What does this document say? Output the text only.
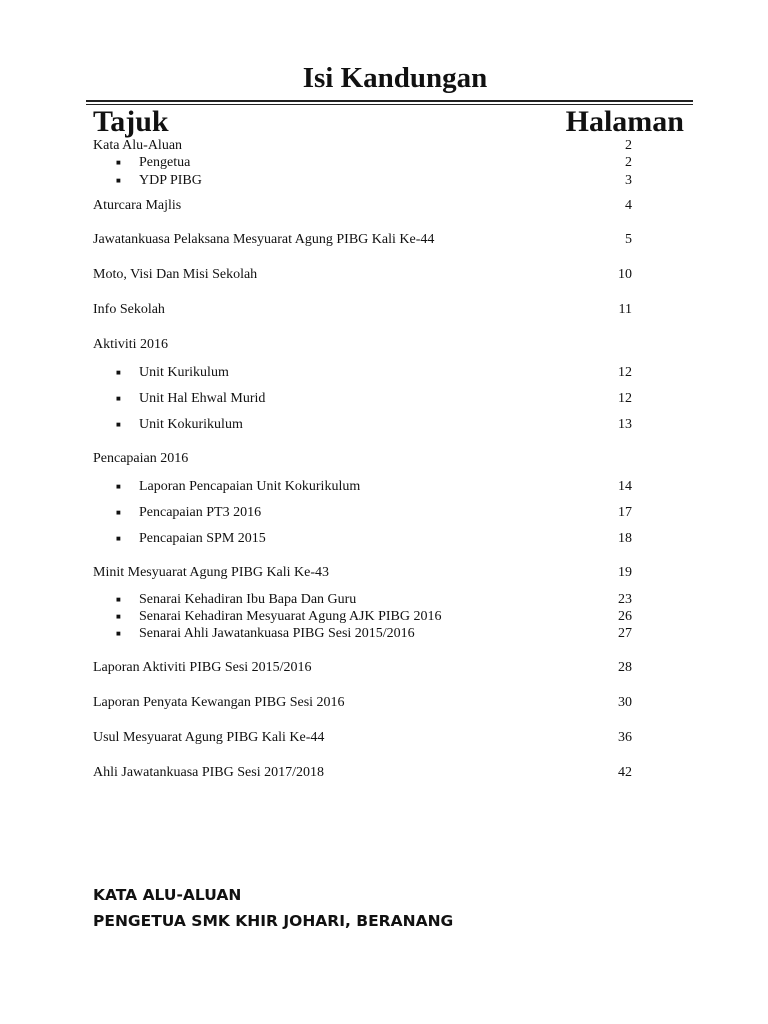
Isi Kandungan
Tajuk	Halaman
Kata Alu-Aluan	2
■ Pengetua	2
■ YDP PIBG	3
Aturcara Majlis	4
Jawatankuasa Pelaksana Mesyuarat Agung PIBG Kali Ke-44	5
Moto, Visi Dan Misi Sekolah	10
Info Sekolah	11
Aktiviti 2016
■ Unit Kurikulum	12
■ Unit Hal Ehwal Murid	12
■ Unit Kokurikulum	13
Pencapaian 2016
■ Laporan Pencapaian Unit Kokurikulum	14
■ Pencapaian PT3 2016	17
■ Pencapaian SPM 2015	18
Minit Mesyuarat Agung PIBG Kali Ke-43	19
■ Senarai Kehadiran Ibu Bapa Dan Guru	23
■ Senarai Kehadiran Mesyuarat Agung AJK PIBG 2016	26
■ Senarai Ahli Jawatankuasa PIBG Sesi 2015/2016	27
Laporan Aktiviti PIBG Sesi 2015/2016	28
Laporan Penyata Kewangan PIBG Sesi 2016	30
Usul Mesyuarat Agung PIBG Kali Ke-44	36
Ahli Jawatankuasa PIBG Sesi 2017/2018	42
KATA ALU-ALUAN
PENGETUA SMK KHIR JOHARI, BERANANG
